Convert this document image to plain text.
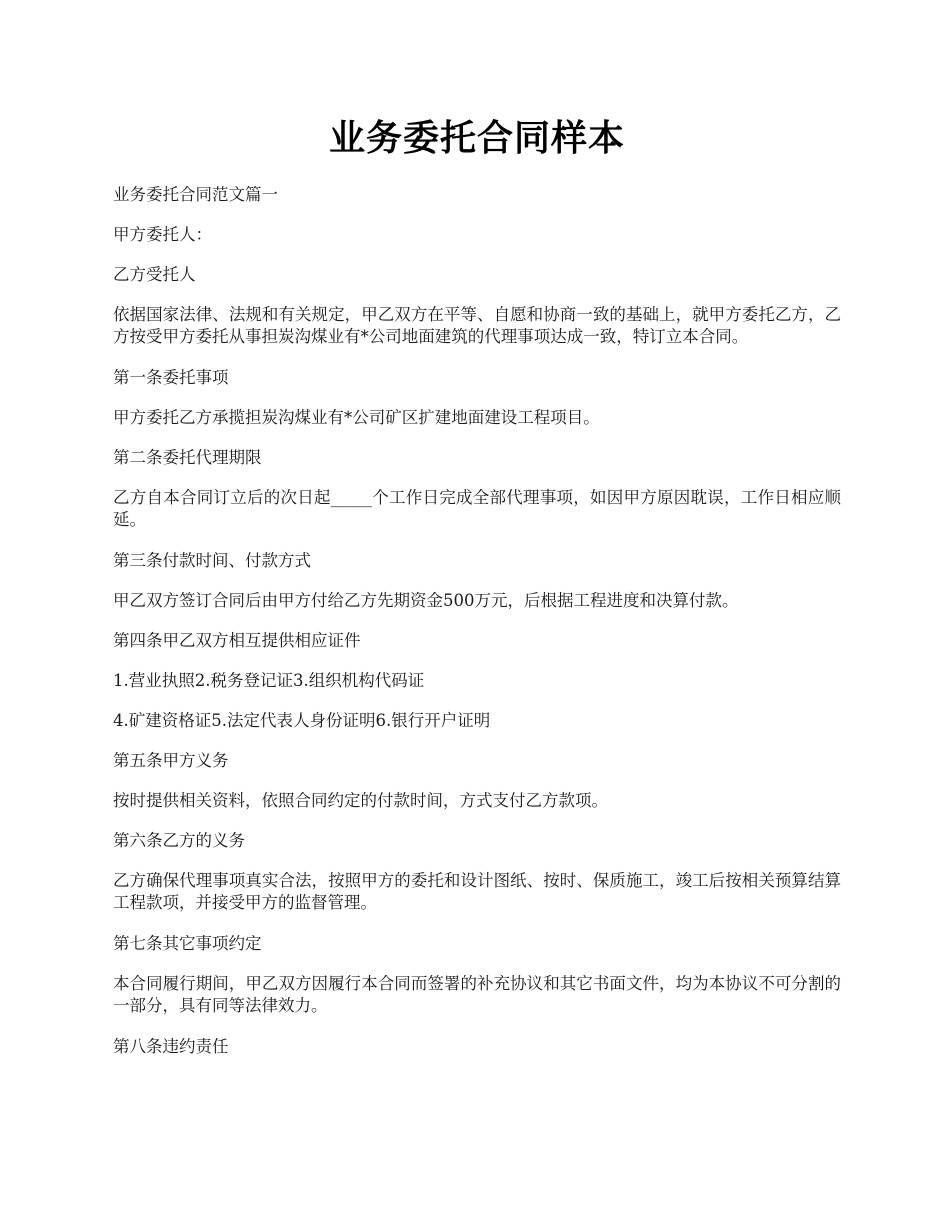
业务委托合同样本

业务委托合同范文篇一

甲方委托人：

乙方受托人

依据国家法律、法规和有关规定，甲乙双方在平等、自愿和协商一致的基础上，就甲方委托乙方，乙方按受甲方委托从事担炭沟煤业有*公司地面建筑的代理事项达成一致，特订立本合同。

第一条委托事项

甲方委托乙方承揽担炭沟煤业有*公司矿区扩建地面建设工程项目。

第二条委托代理期限

乙方自本合同订立后的次日起_____个工作日完成全部代理事项，如因甲方原因耽误，工作日相应顺延。

第三条付款时间、付款方式

甲乙双方签订合同后由甲方付给乙方先期资金500万元，后根据工程进度和决算付款。

第四条甲乙双方相互提供相应证件

1.营业执照2.税务登记证3.组织机构代码证

4.矿建资格证5.法定代表人身份证明6.银行开户证明

第五条甲方义务

按时提供相关资料，依照合同约定的付款时间，方式支付乙方款项。

第六条乙方的义务

乙方确保代理事项真实合法，按照甲方的委托和设计图纸、按时、保质施工，竣工后按相关预算结算工程款项，并接受甲方的监督管理。

第七条其它事项约定

本合同履行期间，甲乙双方因履行本合同而签署的补充协议和其它书面文件，均为本协议不可分割的一部分，具有同等法律效力。

第八条违约责任
